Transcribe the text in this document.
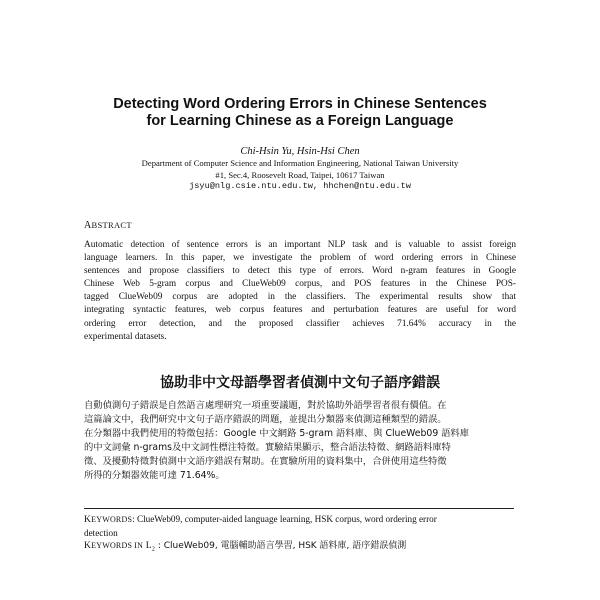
Detecting Word Ordering Errors in Chinese Sentences
for Learning Chinese as a Foreign Language
Chi-Hsin Yu, Hsin-Hsi Chen
Department of Computer Science and Information Engineering, National Taiwan University
#1, Sec.4, Roosevelt Road, Taipei, 10617 Taiwan
jsyu@nlg.csie.ntu.edu.tw, hhchen@ntu.edu.tw
ABSTRACT
Automatic detection of sentence errors is an important NLP task and is valuable to assist foreign
language learners. In this paper, we investigate the problem of word ordering errors in Chinese
sentences and propose classifiers to detect this type of errors. Word n-gram features in Google
Chinese Web 5-gram corpus and ClueWeb09 corpus, and POS features in the Chinese POS-
tagged ClueWeb09 corpus are adopted in the classifiers. The experimental results show that
integrating syntactic features, web corpus features and perturbation features are useful for word
ordering error detection, and the proposed classifier achieves 71.64% accuracy in the
experimental datasets.
協助非中文母語學習者偵測中文句子語序錯誤
自動偵測句子錯誤是自然語言處理研究一項重要議題，對於協助外語學習者很有價值。在
這篇論文中，我們研究中文句子語序錯誤的問題，並提出分類器來偵測這種類型的錯誤。
在分類器中我們使用的特徵包括：Google 中文網路 5-gram 語料庫、與 ClueWeb09 語料庫
的中文詞彙 n-grams及中文詞性標注特徵。實驗結果顯示，整合語法特徵、網路語料庫特
徵、及擾動特徵對偵測中文語序錯誤有幫助。在實驗所用的資料集中，合併使用這些特徵
所得的分類器效能可達 71.64%。
KEYWORDS: ClueWeb09, computer-aided language learning, HSK corpus, word ordering error
detection
KEYWORDS IN $L_2$ : ClueWeb09, 電腦輔助語言學習, HSK 語料庫, 語序錯誤偵測
